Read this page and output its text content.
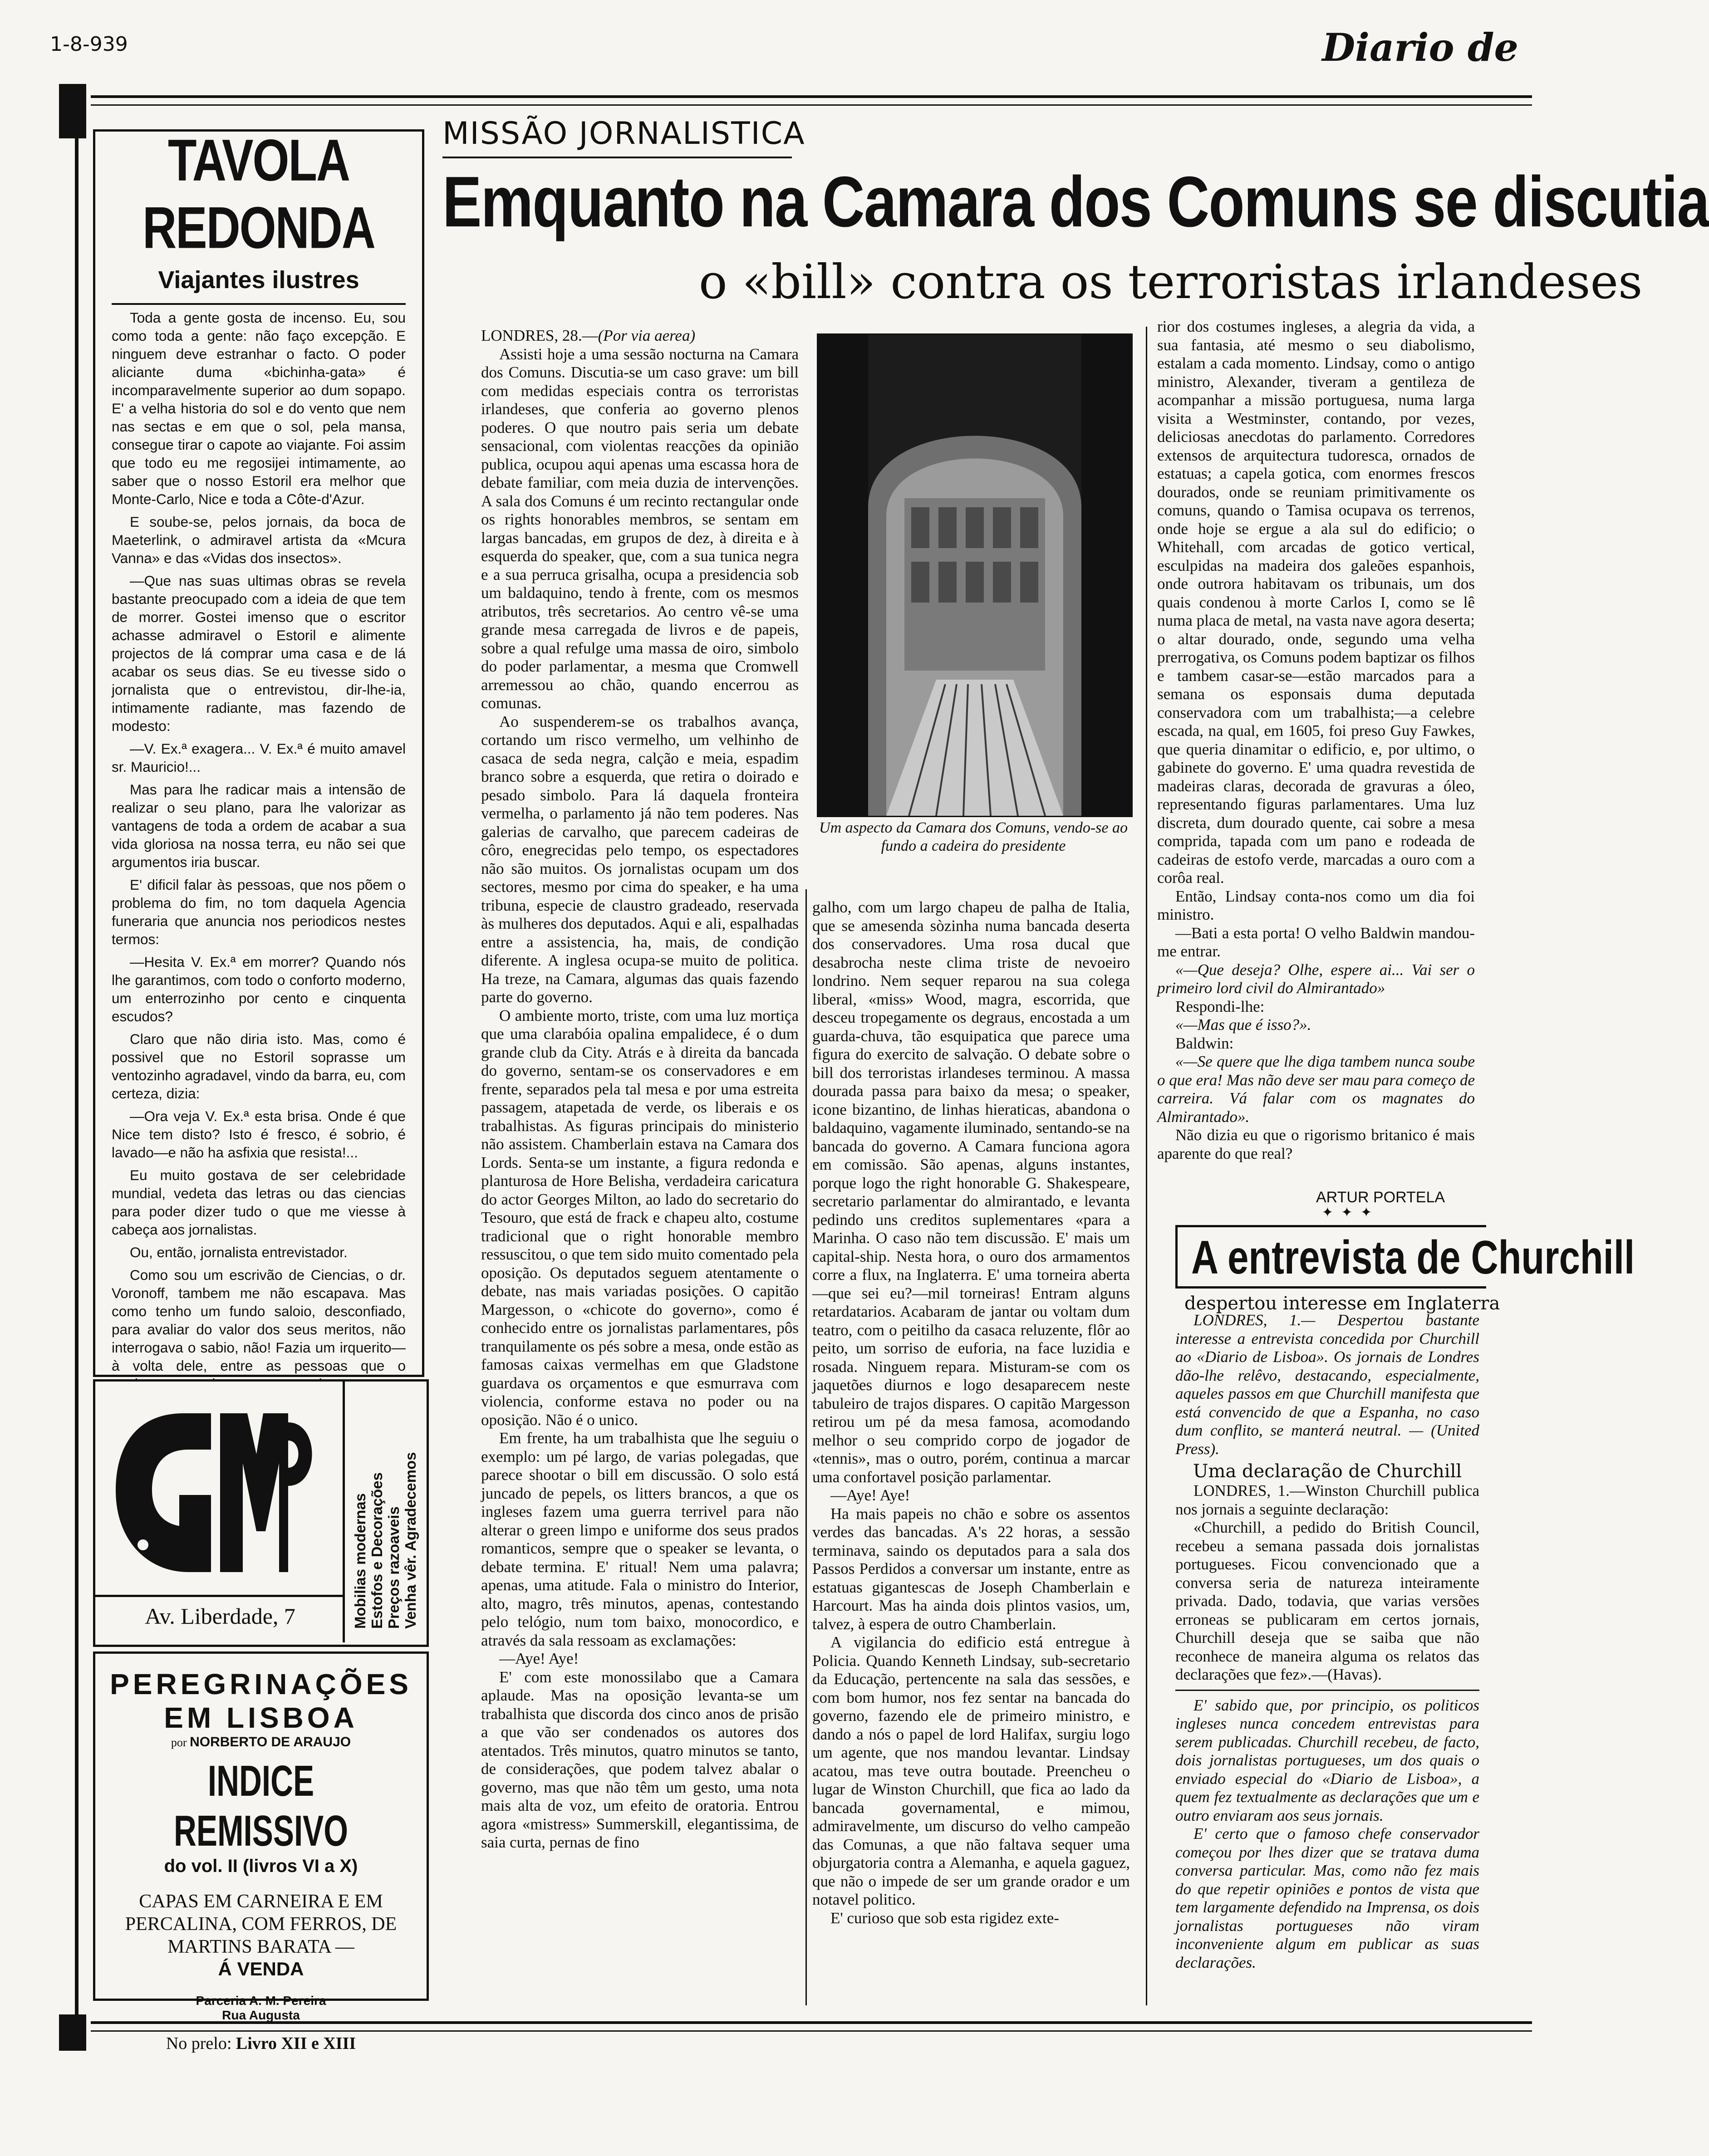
1-8-939	Diario de
TAVOLA REDONDA
Viajantes ilustres

Toda a gente gosta de incenso. Eu, sou como toda a gente: não faço excepção. E ninguem deve estranhar o facto. O poder aliciante duma «bichinha-gata» é incomparavelmente superior ao dum sopapo. E' a velha historia do sol e do vento que nem nas sectas e em que o sol, pela mansa, consegue tirar o capote ao viajante. Foi assim que todo eu me regosijei intimamente, ao saber que o nosso Estoril era melhor que Monte-Carlo, Nice e toda a Côte-d'Azur.

E soube-se, pelos jornais, da boca de Maeterlink, o admiravel artista da «Mcura Vanna» e das «Vidas dos insectos».

—Que nas suas ultimas obras se revela bastante preocupado com a ideia de que tem de morrer. Gostei imenso que o escritor achasse admiravel o Estoril e alimente projectos de lá comprar uma casa e de lá acabar os seus dias. Se eu tivesse sido o jornalista que o entrevistou, dir-lhe-ia, intimamente radiante, mas fazendo de modesto:

—V. Ex.ª exagera... V. Ex.ª é muito amavel sr. Mauricio!...

Mas para lhe radicar mais a intensão de realizar o seu plano, para lhe valorizar as vantagens de toda a ordem de acabar a sua vida gloriosa na nossa terra, eu não sei que argumentos iria buscar.

E' dificil falar às pessoas, que nos põem o problema do fim, no tom daquela Agencia funeraria que anuncia nos periodicos nestes termos:

—Hesita V. Ex.ª em morrer? Quando nós lhe garantimos, com todo o conforto moderno, um enterrozinho por cento e cinquenta escudos?

Claro que não diria isto. Mas, como é possivel que no Estoril soprasse um ventozinho agradavel, vindo da barra, eu, com certeza, dizia:

—Ora veja V. Ex.ª esta brisa. Onde é que Nice tem disto? Isto é fresco, é sobrio, é lavado—e não ha asfixia que resista!...

Eu muito gostava de ser celebridade mundial, vedeta das letras ou das ciencias para poder dizer tudo o que me viesse à cabeça aos jornalistas.

Ou, então, jornalista entrevistador.

Como sou um escrivão de Ciencias, o dr. Voronoff, tambem me não escapava. Mas como tenho um fundo saloio, desconfiado, para avaliar do valor dos seus meritos, não interrogava o sabio, não! Fazia um irquerito—à volta dele, entre as pessoas que o

Av. Liberdade, 7	Mobilias modernas Estofos e Decorações Preços razoaveis Venha vêr. Agradecemos
PEREGRINAÇÕES
EM LISBOA
por NORBERTO DE ARAUJO
INDICE REMISSIVO
do vol. II (livros VI a X)
CAPAS EM CARNEIRA E EM PERCALINA, COM FERROS, DE MARTINS BARATA —
Á VENDA
Parceria A. M. Pereira
Rua Augusta
No prelo: Livro XII e XIII
MISSÃO JORNALISTICA
Emquanto na Camara dos Comuns se discutia
o «bill» contra os terroristas irlandeses

LONDRES, 28.—(Por via aerea)

Assisti hoje a uma sessão nocturna na Camara dos Comuns. Discutia-se um caso grave: um bill com medidas especiais contra os terroristas irlandeses, que conferia ao governo plenos poderes. O que noutro pais seria um debate sensacional, com violentas reacções da opinião publica, ocupou aqui apenas uma escassa hora de debate familiar, com meia duzia de intervenções. A sala dos Comuns é um recinto rectangular onde os rights honorables membros, se sentam em largas bancadas, em grupos de dez, à direita e à esquerda do speaker, que, com a sua tunica negra e a sua perruca grisalha, ocupa a presidencia sob um baldaquino, tendo à frente, com os mesmos atributos, três secretarios. Ao centro vê-se uma grande mesa carregada de livros e de papeis, sobre a qual refulge uma massa de oiro, simbolo do poder parlamentar, a mesma que Cromwell arremessou ao chão, quando encerrou as comunas.

Ao suspenderem-se os trabalhos avança, cortando um risco vermelho, um velhinho de casaca de seda negra, calção e meia, espadim branco sobre a esquerda, que retira o doirado e pesado simbolo. Para lá daquela fronteira vermelha, o parlamento já não tem poderes. Nas galerias de carvalho, que parecem cadeiras de côro, enegrecidas pelo tempo, os espectadores não são muitos. Os jornalistas ocupam um dos sectores, mesmo por cima do speaker, e ha uma tribuna, especie de claustro gradeado, reservada às mulheres dos deputados. Aqui e ali, espalhadas entre a assistencia, ha, mais, de condição diferente. A inglesa ocupa-se muito de politica. Ha treze, na Camara, algumas das quais fazendo parte do governo.

O ambiente morto, triste, com uma luz mortiça que uma clarabóia opalina empalidece, é o dum grande club da City. Atrás e à direita da bancada do governo, sentam-se os conservadores e em frente, separados pela tal mesa e por uma estreita passagem, atapetada de verde, os liberais e os trabalhistas. As figuras principais do ministerio não assistem. Chamberlain estava na Camara dos Lords. Senta-se um instante, a figura redonda e planturosa de Hore Belisha, verdadeira caricatura do actor Georges Milton, ao lado do secretario do Tesouro, que está de frack e chapeu alto, costume tradicional que o right honorable membro ressuscitou, o que tem sido muito comentado pela oposição. Os deputados seguem atentamente o debate, nas mais variadas posições. O capitão Margesson, o «chicote do governo», como é conhecido entre os jornalistas parlamentares, pôs tranquilamente os pés sobre a mesa, onde estão as famosas caixas vermelhas em que Gladstone guardava os orçamentos e que esmurrava com violencia, conforme estava no poder ou na oposição. Não é o unico.

Em frente, ha um trabalhista que lhe seguiu o exemplo: um pé largo, de varias polegadas, que parece shootar o bill em discussão. O solo está juncado de pepels, os litters brancos, a que os ingleses fazem uma guerra terrivel para não alterar o green limpo e uniforme dos seus prados romanticos, sempre que o speaker se levanta, o debate termina. E' ritual! Nem uma palavra; apenas, uma atitude. Fala o ministro do Interior, alto, magro, três minutos, apenas, contestando pelo telógio, num tom baixo, monocordico, e através da sala ressoam as exclamações:

—Aye! Aye!

E' com este monossilabo que a Camara aplaude. Mas na oposição levanta-se um trabalhista que discorda dos cinco anos de prisão a que vão ser condenados os autores dos atentados. Três minutos, quatro minutos se tanto, de considerações, que podem talvez abalar o governo, mas que não têm um gesto, uma nota mais alta de voz, um efeito de oratoria. Entrou agora «mistress» Summerskill, elegantissima, de saia curta, pernas de fino

Um aspecto da Camara dos Comuns, vendo-se ao fundo a cadeira do presidente

galho, com um largo chapeu de palha de Italia, que se amesenda sòzinha numa bancada deserta dos conservadores. Uma rosa ducal que desabrocha neste clima triste de nevoeiro londrino. Nem sequer reparou na sua colega liberal, «miss» Wood, magra, escorrida, que desceu tropegamente os degraus, encostada a um guarda-chuva, tão esquipatica que parece uma figura do exercito de salvação. O debate sobre o bill dos terroristas irlandeses terminou. A massa dourada passa para baixo da mesa; o speaker, icone bizantino, de linhas hieraticas, abandona o baldaquino, vagamente iluminado, sentando-se na bancada do governo. A Camara funciona agora em comissão. São apenas, alguns instantes, porque logo the right honorable G. Shakespeare, secretario parlamentar do almirantado, e levanta pedindo uns creditos suplementares «para a Marinha. O caso não tem discussão. E' mais um capital-ship. Nesta hora, o ouro dos armamentos corre a flux, na Inglaterra. E' uma torneira aberta—que sei eu?—mil torneiras! Entram alguns retardatarios. Acabaram de jantar ou voltam dum teatro, com o peitilho da casaca reluzente, flôr ao peito, um sorriso de euforia, na face luzidia e rosada. Ninguem repara. Misturam-se com os jaquetões diurnos e logo desaparecem neste tabuleiro de trajos dispares. O capitão Margesson retirou um pé da mesa famosa, acomodando melhor o seu comprido corpo de jogador de «tennis», mas o outro, porém, continua a marcar uma confortavel posição parlamentar.

—Aye! Aye!

Ha mais papeis no chão e sobre os assentos verdes das bancadas. A's 22 horas, a sessão terminava, saindo os deputados para a sala dos Passos Perdidos a conversar um instante, entre as estatuas gigantescas de Joseph Chamberlain e Harcourt. Mas ha ainda dois plintos vasios, um, talvez, à espera de outro Chamberlain.

A vigilancia do edificio está entregue à Policia. Quando Kenneth Lindsay, sub-secretario da Educação, pertencente na sala das sessões, e com bom humor, nos fez sentar na bancada do governo, fazendo ele de primeiro ministro, e dando a nós o papel de lord Halifax, surgiu logo um agente, que nos mandou levantar. Lindsay acatou, mas teve outra boutade. Preencheu o lugar de Winston Churchill, que fica ao lado da bancada governamental, e mimou, admiravelmente, um discurso do velho campeão das Comunas, a que não faltava sequer uma objurgatoria contra a Alemanha, e aquela gaguez, que não o impede de ser um grande orador e um notavel politico.

E' curioso que sob esta rigidez exte-

rior dos costumes ingleses, a alegria da vida, a sua fantasia, até mesmo o seu diabolismo, estalam a cada momento. Lindsay, como o antigo ministro, Alexander, tiveram a gentileza de acompanhar a missão portuguesa, numa larga visita a Westminster, contando, por vezes, deliciosas anecdotas do parlamento. Corredores extensos de arquitectura tudoresca, ornados de estatuas; a capela gotica, com enormes frescos dourados, onde se reuniam primitivamente os comuns, quando o Tamisa ocupava os terrenos, onde hoje se ergue a ala sul do edificio; o Whitehall, com arcadas de gotico vertical, esculpidas na madeira dos galeões espanhois, onde outrora habitavam os tribunais, um dos quais condenou à morte Carlos I, como se lê numa placa de metal, na vasta nave agora deserta; o altar dourado, onde, segundo uma velha prerrogativa, os Comuns podem baptizar os filhos e tambem casar-se—estão marcados para a semana os esponsais duma deputada conservadora com um trabalhista;—a celebre escada, na qual, em 1605, foi preso Guy Fawkes, que queria dinamitar o edificio, e, por ultimo, o gabinete do governo. E' uma quadra revestida de madeiras claras, decorada de gravuras a óleo, representando figuras parlamentares. Uma luz discreta, dum dourado quente, cai sobre a mesa comprida, tapada com um pano e rodeada de cadeiras de estofo verde, marcadas a ouro com a corôa real.

Então, Lindsay conta-nos como um dia foi ministro.

—Bati a esta porta! O velho Baldwin mandou-me entrar.

«—Que deseja? Olhe, espere ai... Vai ser o primeiro lord civil do Almirantado»

Respondi-lhe:

«—Mas que é isso?».

Baldwin:

«—Se quere que lhe diga tambem nunca soube o que era! Mas não deve ser mau para começo de carreira. Vá falar com os magnates do Almirantado».

Não dizia eu que o rigorismo britanico é mais aparente do que real?

ARTUR PORTELA
✦ ✦ ✦
A entrevista de Churchill
despertou interesse em Inglaterra

LONDRES, 1.— Despertou bastante interesse a entrevista concedida por Churchill ao «Diario de Lisboa». Os jornais de Londres dão-lhe relêvo, destacando, especialmente, aqueles passos em que Churchill manifesta que está convencido de que a Espanha, no caso dum conflito, se manterá neutral. — (United Press).

Uma declaração de Churchill

LONDRES, 1.—Winston Churchill publica nos jornais a seguinte declaração:

«Churchill, a pedido do British Council, recebeu a semana passada dois jornalistas portugueses. Ficou convencionado que a conversa seria de natureza inteiramente privada. Dado, todavia, que varias versões erroneas se publicaram em certos jornais, Churchill deseja que se saiba que não reconhece de maneira alguma os relatos das declarações que fez».—(Havas).

E' sabido que, por principio, os politicos ingleses nunca concedem entrevistas para serem publicadas. Churchill recebeu, de facto, dois jornalistas portugueses, um dos quais o enviado especial do «Diario de Lisboa», a quem fez textualmente as declarações que um e outro enviaram aos seus jornais.

E' certo que o famoso chefe conservador começou por lhes dizer que se tratava duma conversa particular. Mas, como não fez mais do que repetir opiniões e pontos de vista que tem largamente defendido na Imprensa, os dois jornalistas portugueses não viram inconveniente algum em publicar as suas declarações.
